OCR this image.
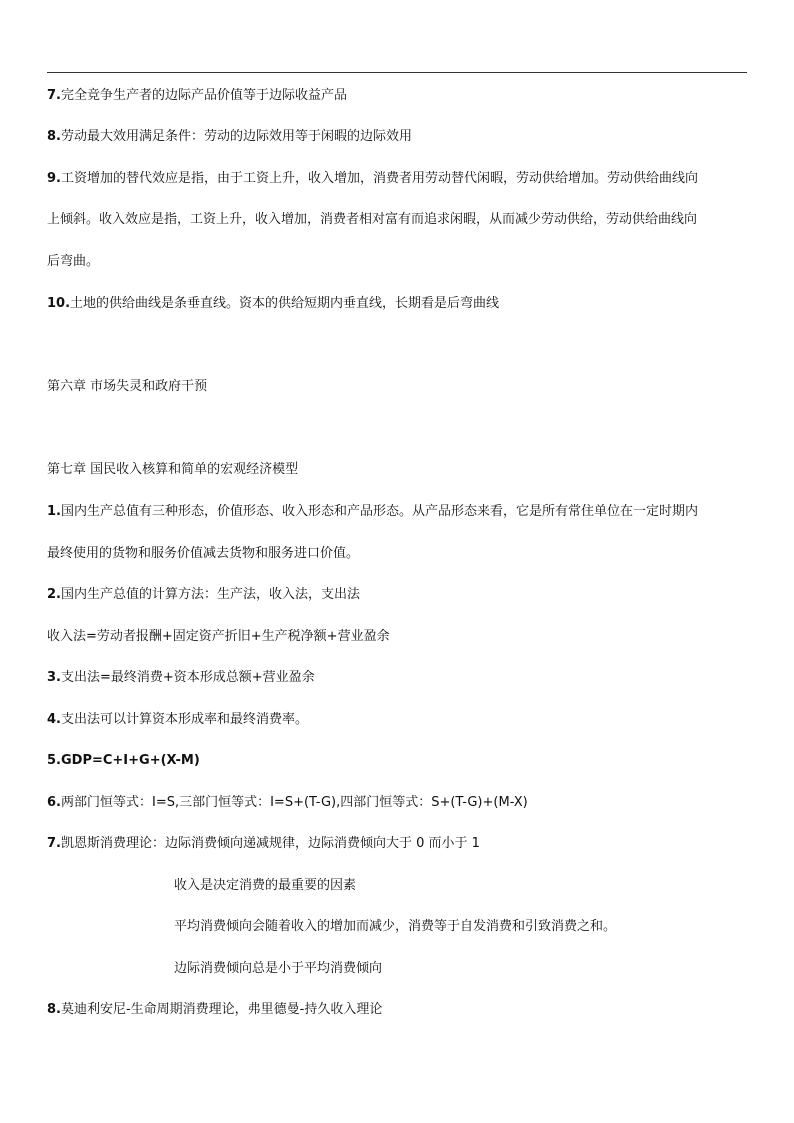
7.完全竞争生产者的边际产品价值等于边际收益产品
8.劳动最大效用满足条件：劳动的边际效用等于闲暇的边际效用
9.工资增加的替代效应是指，由于工资上升，收入增加，消费者用劳动替代闲暇，劳动供给增加。劳动供给曲线向
上倾斜。收入效应是指，工资上升，收入增加，消费者相对富有而追求闲暇，从而减少劳动供给，劳动供给曲线向
后弯曲。
10.土地的供给曲线是条垂直线。资本的供给短期内垂直线，长期看是后弯曲线
第六章 市场失灵和政府干预
第七章 国民收入核算和简单的宏观经济模型
1.国内生产总值有三种形态，价值形态、收入形态和产品形态。从产品形态来看，它是所有常住单位在一定时期内
最终使用的货物和服务价值减去货物和服务进口价值。
2.国内生产总值的计算方法：生产法，收入法，支出法
收入法=劳动者报酬+固定资产折旧+生产税净额+营业盈余
3.支出法=最终消费+资本形成总额+营业盈余
4.支出法可以计算资本形成率和最终消费率。
5.GDP=C+I+G+(X-M)
6.两部门恒等式：I=S,三部门恒等式：I=S+(T-G),四部门恒等式：S+(T-G)+(M-X)
7.凯恩斯消费理论：边际消费倾向递减规律，边际消费倾向大于 0 而小于 1
收入是决定消费的最重要的因素
平均消费倾向会随着收入的增加而减少，消费等于自发消费和引致消费之和。
边际消费倾向总是小于平均消费倾向
8.莫迪利安尼-生命周期消费理论，弗里德曼-持久收入理论
